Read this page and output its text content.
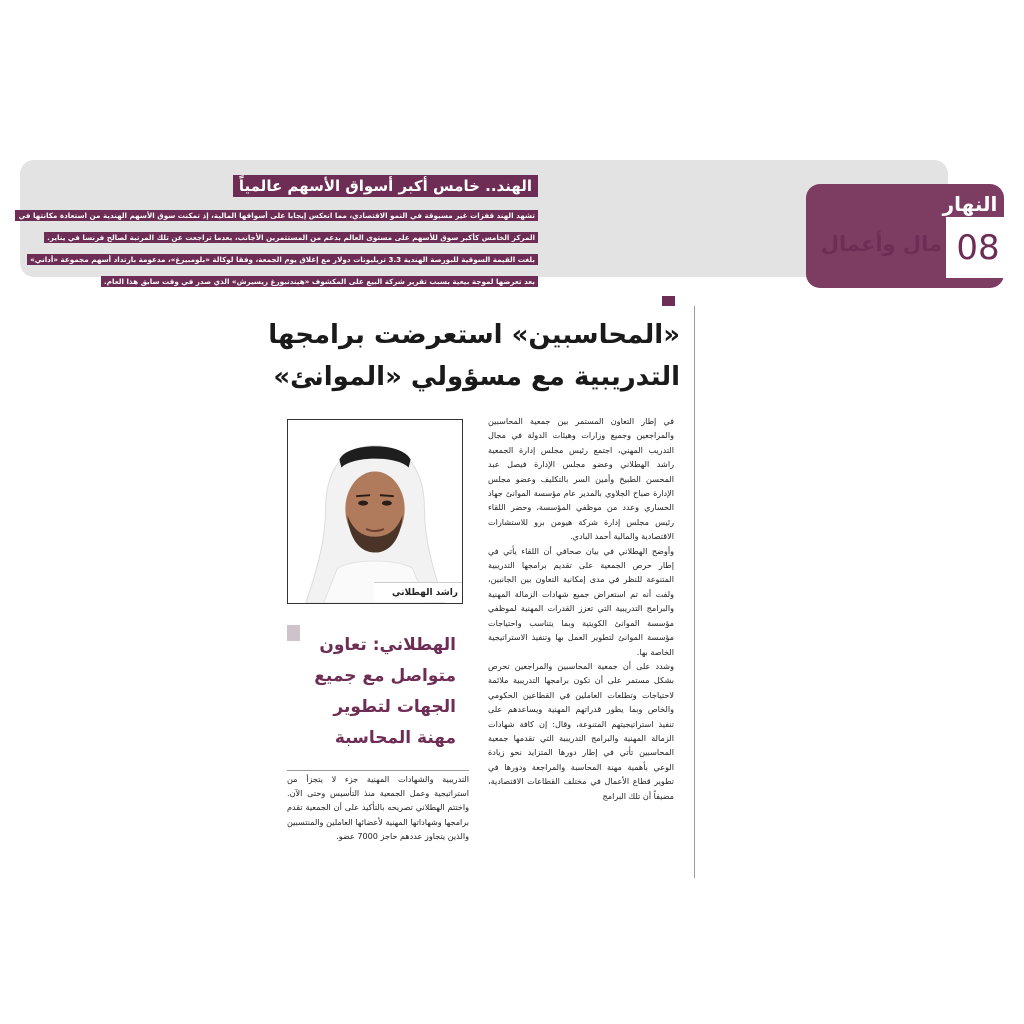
الهند.. خامس أكبر أسواق الأسهم عالمياً
تشهد الهند قفزات غير مسبوقة في النمو الاقتصادي، مما انعكس إيجابا على أسواقها المالية، إذ تمكنت سوق الأسهم الهندية من استعادة مكانتها في
المركز الخامس كأكبر سوق للأسهم على مستوى العالم بدعم من المستثمرين الأجانب، بعدما تراجعت عن تلك المرتبة لصالح فرنسا في يناير.
بلغت القيمة السوقية للبورصة الهندية 3.3 تريليونات دولار مع إغلاق يوم الجمعة، وفقا لوكالة «بلومبيرغ»، مدعومة بارتداد أسهم مجموعة «أداني»
بعد تعرضها لموجة بيعية بسبب تقرير شركة البيع على المكشوف «هيندنبورغ ريسيرش» الذي صدر في وقت سابق هذا العام.
النهار
مال وأعمال 08
«المحاسبين» استعرضت برامجها
التدريبية مع مسؤولي «الموانئ»
راشد الهطلاني

في إطار التعاون المستمر بين جمعية المحاسبين والمراجعين وجميع وزارات وهيئات الدولة في مجال التدريب المهني، اجتمع رئيس مجلس إدارة الجمعية راشد الهطلاني وعضو مجلس الإدارة فيصل عبد المحسن الطبيخ وأمين السر بالتكليف وعضو مجلس الإدارة صباح الجلاوي بالمدير عام مؤسسة الموانئ جهاد الحساري وعدد من موظفي المؤسسة، وحضر اللقاء رئيس مجلس إدارة شركة هيومن برو للاستشارات الاقتصادية والمالية أحمد البادي.

وأوضح الهطلاني في بيان صحافي أن اللقاء يأتي في إطار حرص الجمعية على تقديم برامجها التدريبية المتنوعة للنظر في مدى إمكانية التعاون بين الجانبين، ولفت أنه تم استعراض جميع شهادات الزمالة المهنية والبرامج التدريبية التي تعزز القدرات المهنية لموظفي مؤسسة الموانئ الكويتية وبما يتناسب واحتياجات مؤسسة الموانئ لتطوير العمل بها وتنفيذ الاستراتيجية الخاصة بها.

وشدد على أن جمعية المحاسبين والمراجعين تحرص بشكل مستمر على أن تكون برامجها التدريبية ملائمة لاحتياجات وتطلعات العاملين في القطاعين الحكومي والخاص وبما يطور قدراتهم المهنية ويساعدهم على تنفيذ استراتيجيتهم المتنوعة، وقال: إن كافة شهادات الزمالة المهنية والبرامج التدريبية التي تقدمها جمعية المحاسبين تأتي في إطار دورها المتزايد نحو زيادة الوعي بأهمية مهنة المحاسبة والمراجعة ودورها في تطوير قطاع الأعمال في مختلف القطاعات الاقتصادية، مضيفاً أن تلك البرامج

الهطلاني: تعاون متواصل مع جميع الجهات لتطوير مهنة المحاسبة
التدريبية والشهادات المهنية جزء لا يتجزأ من استراتيجية وعمل الجمعية منذ التأسيس وحتى الآن. واختتم الهطلاني تصريحه بالتأكيد على أن الجمعية تقدم برامجها وشهاداتها المهنية لأعضائها العاملين والمنتسبين والذين يتجاوز عددهم حاجز 7000 عضو.
